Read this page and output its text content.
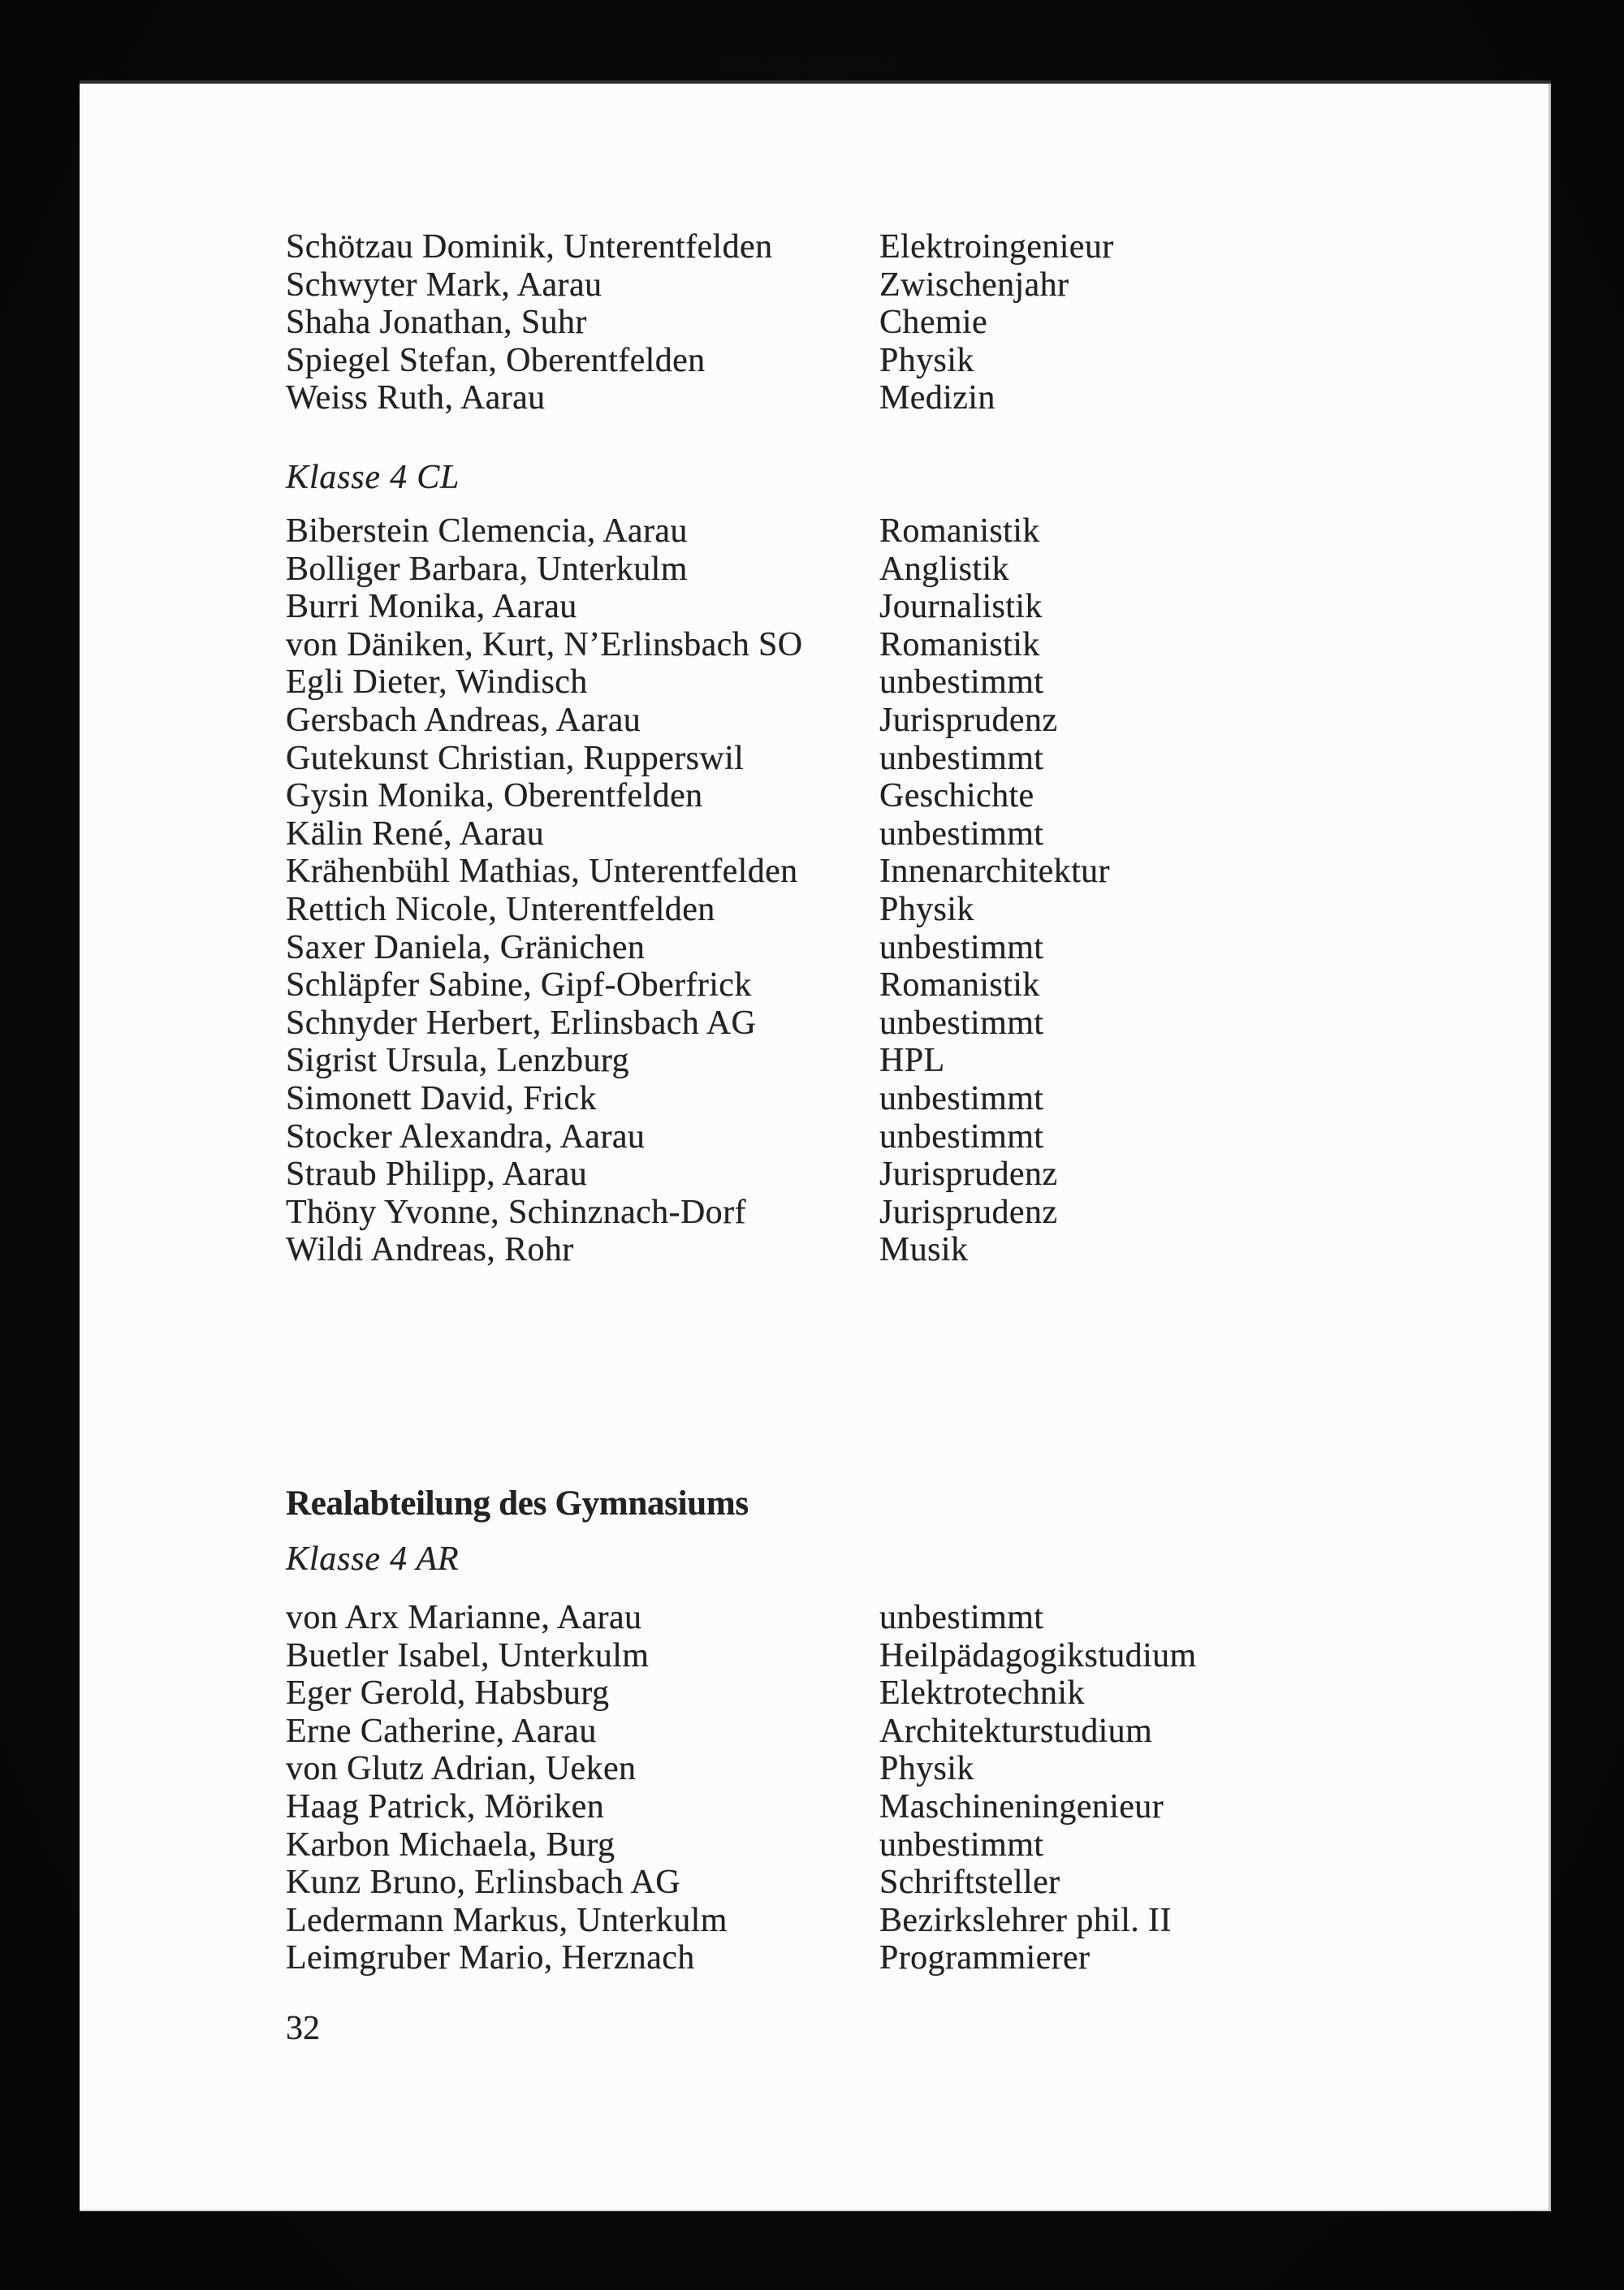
Schötzau Dominik, Unterentfelden	Elektroingenieur
Schwyter Mark, Aarau	Zwischenjahr
Shaha Jonathan, Suhr	Chemie
Spiegel Stefan, Oberentfelden	Physik
Weiss Ruth, Aarau	Medizin
Klasse 4 CL
Biberstein Clemencia, Aarau	Romanistik
Bolliger Barbara, Unterkulm	Anglistik
Burri Monika, Aarau	Journalistik
von Däniken, Kurt, N’Erlinsbach SO	Romanistik
Egli Dieter, Windisch	unbestimmt
Gersbach Andreas, Aarau	Jurisprudenz
Gutekunst Christian, Rupperswil	unbestimmt
Gysin Monika, Oberentfelden	Geschichte
Kälin René, Aarau	unbestimmt
Krähenbühl Mathias, Unterentfelden	Innenarchitektur
Rettich Nicole, Unterentfelden	Physik
Saxer Daniela, Gränichen	unbestimmt
Schläpfer Sabine, Gipf-Oberfrick	Romanistik
Schnyder Herbert, Erlinsbach AG	unbestimmt
Sigrist Ursula, Lenzburg	HPL
Simonett David, Frick	unbestimmt
Stocker Alexandra, Aarau	unbestimmt
Straub Philipp, Aarau	Jurisprudenz
Thöny Yvonne, Schinznach-Dorf	Jurisprudenz
Wildi Andreas, Rohr	Musik
Realabteilung des Gymnasiums
Klasse 4 AR
von Arx Marianne, Aarau	unbestimmt
Buetler Isabel, Unterkulm	Heilpädagogikstudium
Eger Gerold, Habsburg	Elektrotechnik
Erne Catherine, Aarau	Architekturstudium
von Glutz Adrian, Ueken	Physik
Haag Patrick, Möriken	Maschineningenieur
Karbon Michaela, Burg	unbestimmt
Kunz Bruno, Erlinsbach AG	Schriftsteller
Ledermann Markus, Unterkulm	Bezirkslehrer phil. II
Leimgruber Mario, Herznach	Programmierer
32
